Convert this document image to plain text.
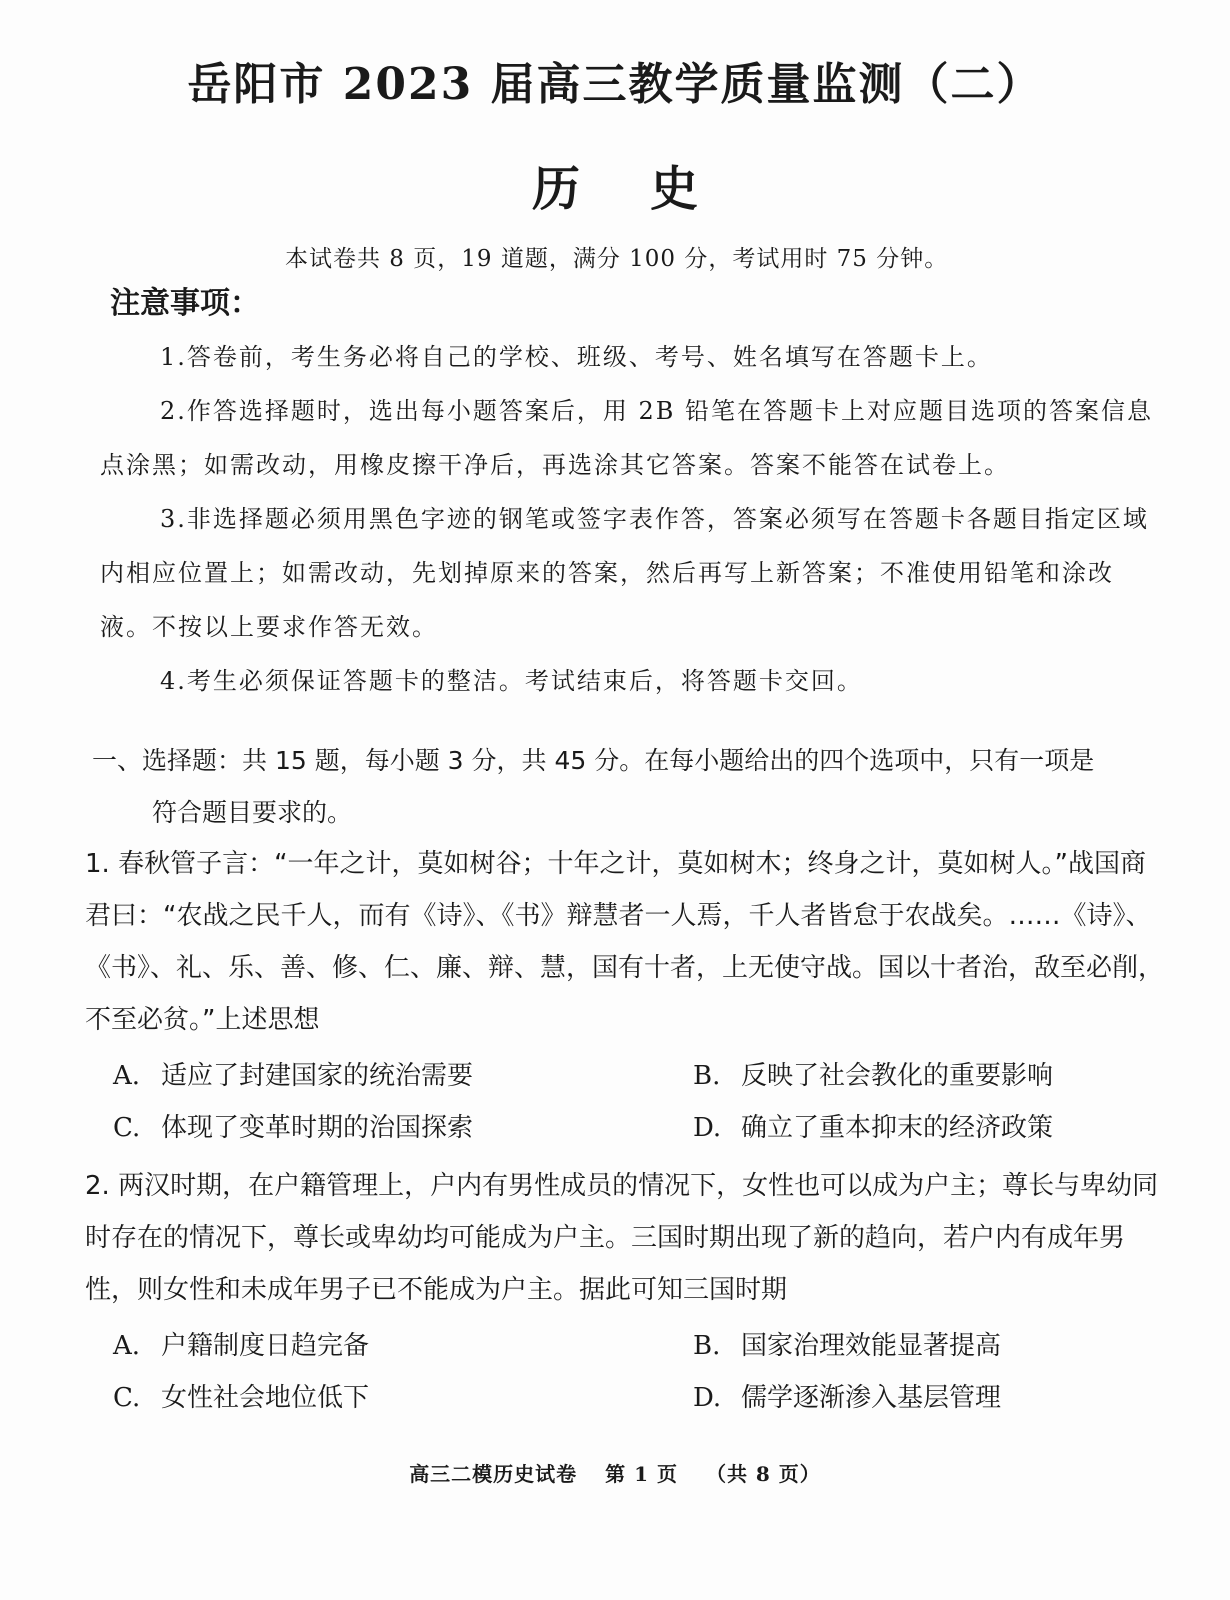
岳阳市 2023 届高三教学质量监测（二）
历史
本试卷共 8 页，19 道题，满分 100 分，考试用时 75 分钟。
注意事项：

1.答卷前，考生务必将自己的学校、班级、考号、姓名填写在答题卡上。

2.作答选择题时，选出每小题答案后，用 2B 铅笔在答题卡上对应题目选项的答案信息点涂黑；如需改动，用橡皮擦干净后，再选涂其它答案。答案不能答在试卷上。

3.非选择题必须用黑色字迹的钢笔或签字表作答，答案必须写在答题卡各题目指定区域内相应位置上；如需改动，先划掉原来的答案，然后再写上新答案；不准使用铅笔和涂改液。不按以上要求作答无效。

4.考生必须保证答题卡的整洁。考试结束后，将答题卡交回。

一、选择题：共 15 题，每小题 3 分，共 45 分。在每小题给出的四个选项中，只有一项是
符合题目要求的。

1. 春秋管子言：“一年之计，莫如树谷；十年之计，莫如树木；终身之计，莫如树人。”战国商君曰：“农战之民千人，而有《诗》、《书》辩慧者一人焉，千人者皆怠于农战矣。……《诗》、《书》、礼、乐、善、修、仁、廉、辩、慧，国有十者，上无使守战。国以十者治，敌至必削，不至必贫。”上述思想

A. 适应了封建国家的统治需要	B. 反映了社会教化的重要影响
C. 体现了变革时期的治国探索	D. 确立了重本抑末的经济政策

2. 两汉时期，在户籍管理上，户内有男性成员的情况下，女性也可以成为户主；尊长与卑幼同时存在的情况下，尊长或卑幼均可能成为户主。三国时期出现了新的趋向，若户内有成年男性，则女性和未成年男子已不能成为户主。据此可知三国时期

A. 户籍制度日趋完备	B. 国家治理效能显著提高
C. 女性社会地位低下	D. 儒学逐渐渗入基层管理
高三二模历史试卷 第 1 页 （共 8 页）
